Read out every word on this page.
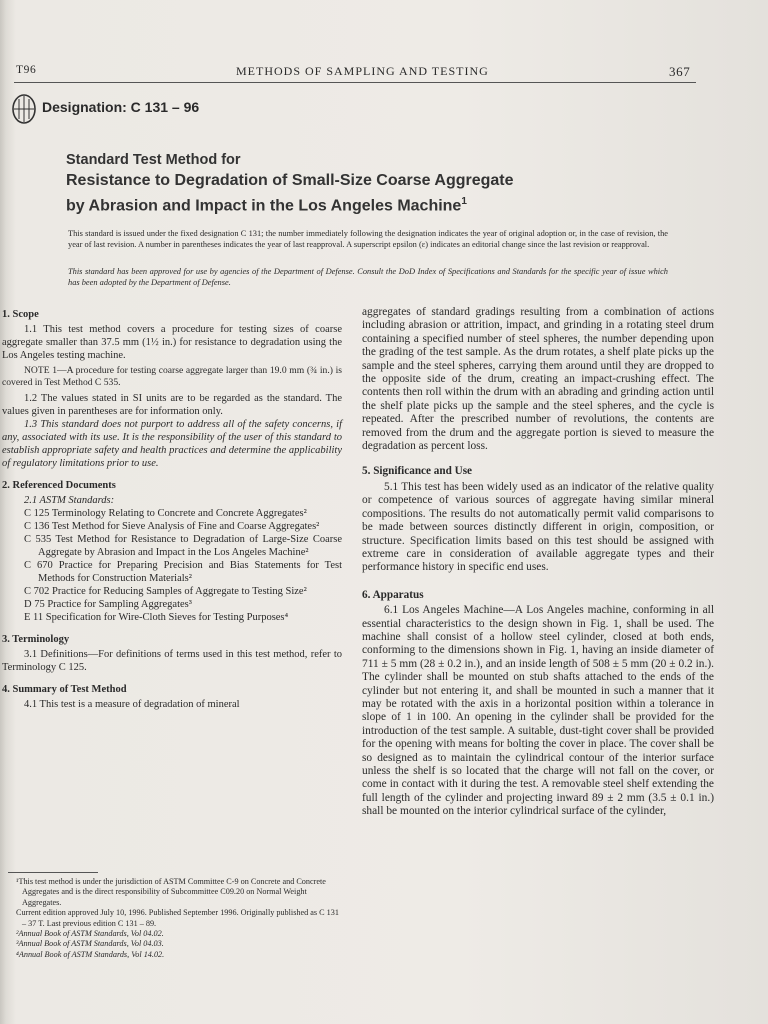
T96	METHODS OF SAMPLING AND TESTING	367
Designation: C 131 – 96
Standard Test Method for
Resistance to Degradation of Small-Size Coarse Aggregate
by Abrasion and Impact in the Los Angeles Machine$^1$
This standard is issued under the fixed designation C 131; the number immediately following the designation indicates the year of original adoption or, in the case of revision, the year of last revision. A number in parentheses indicates the year of last reapproval. A superscript epsilon (ε) indicates an editorial change since the last revision or reapproval.
This standard has been approved for use by agencies of the Department of Defense. Consult the DoD Index of Specifications and Standards for the specific year of issue which has been adopted by the Department of Defense.
1. Scope

1.1 This test method covers a procedure for testing sizes of coarse aggregate smaller than 37.5 mm (1½ in.) for resistance to degradation using the Los Angeles testing machine.

NOTE 1—A procedure for testing coarse aggregate larger than 19.0 mm (¾ in.) is covered in Test Method C 535.

1.2 The values stated in SI units are to be regarded as the standard. The values given in parentheses are for information only.

1.3 This standard does not purport to address all of the safety concerns, if any, associated with its use. It is the responsibility of the user of this standard to establish appropriate safety and health practices and determine the applicability of regulatory limitations prior to use.

2. Referenced Documents

2.1 ASTM Standards:

C 125 Terminology Relating to Concrete and Concrete Aggregates²

C 136 Test Method for Sieve Analysis of Fine and Coarse Aggregates²

C 535 Test Method for Resistance to Degradation of Large-Size Coarse Aggregate by Abrasion and Impact in the Los Angeles Machine²

C 670 Practice for Preparing Precision and Bias Statements for Test Methods for Construction Materials²

C 702 Practice for Reducing Samples of Aggregate to Testing Size²

D 75 Practice for Sampling Aggregates³

E 11 Specification for Wire-Cloth Sieves for Testing Purposes⁴

3. Terminology

3.1 Definitions—For definitions of terms used in this test method, refer to Terminology C 125.

4. Summary of Test Method

4.1 This test is a measure of degradation of mineral

¹This test method is under the jurisdiction of ASTM Committee C-9 on Concrete and Concrete Aggregates and is the direct responsibility of Subcommittee C09.20 on Normal Weight Aggregates.

Current edition approved July 10, 1996. Published September 1996. Originally published as C 131 – 37 T. Last previous edition C 131 – 89.

²Annual Book of ASTM Standards, Vol 04.02.

³Annual Book of ASTM Standards, Vol 04.03.

⁴Annual Book of ASTM Standards, Vol 14.02.

aggregates of standard gradings resulting from a combination of actions including abrasion or attrition, impact, and grinding in a rotating steel drum containing a specified number of steel spheres, the number depending upon the grading of the test sample. As the drum rotates, a shelf plate picks up the sample and the steel spheres, carrying them around until they are dropped to the opposite side of the drum, creating an impact-crushing effect. The contents then roll within the drum with an abrading and grinding action until the shelf plate picks up the sample and the steel spheres, and the cycle is repeated. After the prescribed number of revolutions, the contents are removed from the drum and the aggregate portion is sieved to measure the degradation as percent loss.

5. Significance and Use

5.1 This test has been widely used as an indicator of the relative quality or competence of various sources of aggregate having similar mineral compositions. The results do not automatically permit valid comparisons to be made between sources distinctly different in origin, composition, or structure. Specification limits based on this test should be assigned with extreme care in consideration of available aggregate types and their performance history in specific end uses.

6. Apparatus

6.1 Los Angeles Machine—A Los Angeles machine, conforming in all essential characteristics to the design shown in Fig. 1, shall be used. The machine shall consist of a hollow steel cylinder, closed at both ends, conforming to the dimensions shown in Fig. 1, having an inside diameter of 711 ± 5 mm (28 ± 0.2 in.), and an inside length of 508 ± 5 mm (20 ± 0.2 in.). The cylinder shall be mounted on stub shafts attached to the ends of the cylinder but not entering it, and shall be mounted in such a manner that it may be rotated with the axis in a horizontal position within a tolerance in slope of 1 in 100. An opening in the cylinder shall be provided for the introduction of the test sample. A suitable, dust-tight cover shall be provided for the opening with means for bolting the cover in place. The cover shall be so designed as to maintain the cylindrical contour of the interior surface unless the shelf is so located that the charge will not fall on the cover, or come in contact with it during the test. A removable steel shelf extending the full length of the cylinder and projecting inward 89 ± 2 mm (3.5 ± 0.1 in.) shall be mounted on the interior cylindrical surface of the cylinder,
